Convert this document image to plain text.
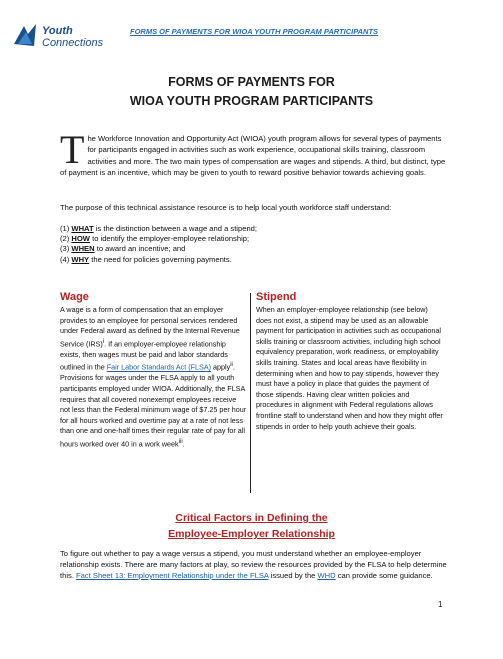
Youth
Connections
FORMS OF PAYMENTS FOR WIOA YOUTH PROGRAM PARTICIPANTS
FORMS OF PAYMENTS FOR
WIOA YOUTH PROGRAM PARTICIPANTS
T he Workforce Innovation and Opportunity Act (WIOA) youth program allows for several types of payments for participants engaged in activities such as work experience, occupational skills training, classroom activities and more. The two main types of compensation are wages and stipends. A third, but distinct, type of payment is an incentive, which may be given to youth to reward positive behavior towards achieving goals.
The purpose of this technical assistance resource is to help local youth workforce staff understand:
(1) WHAT is the distinction between a wage and a stipend;
(2) HOW to identify the employer-employee relationship;
(3) WHEN to award an incentive; and
(4) WHY the need for policies governing payments.
Wage

A wage is a form of compensation that an employer provides to an employee for personal services rendered under Federal award as defined by the Internal Revenue Service (IRS)$^i$. If an employer-employee relationship exists, then wages must be paid and labor standards outlined in the Fair Labor Standards Act (FLSA) apply$^{ii}$. Provisions for wages under the FLSA apply to all youth participants employed under WIOA. Additionally, the FLSA requires that all covered nonexempt employees receive not less than the Federal minimum wage of $7.25 per hour for all hours worked and overtime pay at a rate of not less than one and one-half times their regular rate of pay for all hours worked over 40 in a work week$^{iii}$.

Stipend

When an employer-employee relationship (see below) does not exist, a stipend may be used as an allowable payment for participation in activities such as occupational skills training or classroom activities, including high school equivalency preparation, work readiness, or employability skills training. States and local areas have flexibility in determining when and how to pay stipends, however they must have a policy in place that guides the payment of those stipends. Having clear written policies and procedures in alignment with Federal regulations allows frontline staff to understand when and how they might offer stipends in order to help youth achieve their goals.

Critical Factors in Defining the
Employee-Employer Relationship
To figure out whether to pay a wage versus a stipend, you must understand whether an employee-employer relationship exists. There are many factors at play, so review the resources provided by the FLSA to help determine this. Fact Sheet 13: Employment Relationship under the FLSA issued by the WHD can provide some guidance.
1
